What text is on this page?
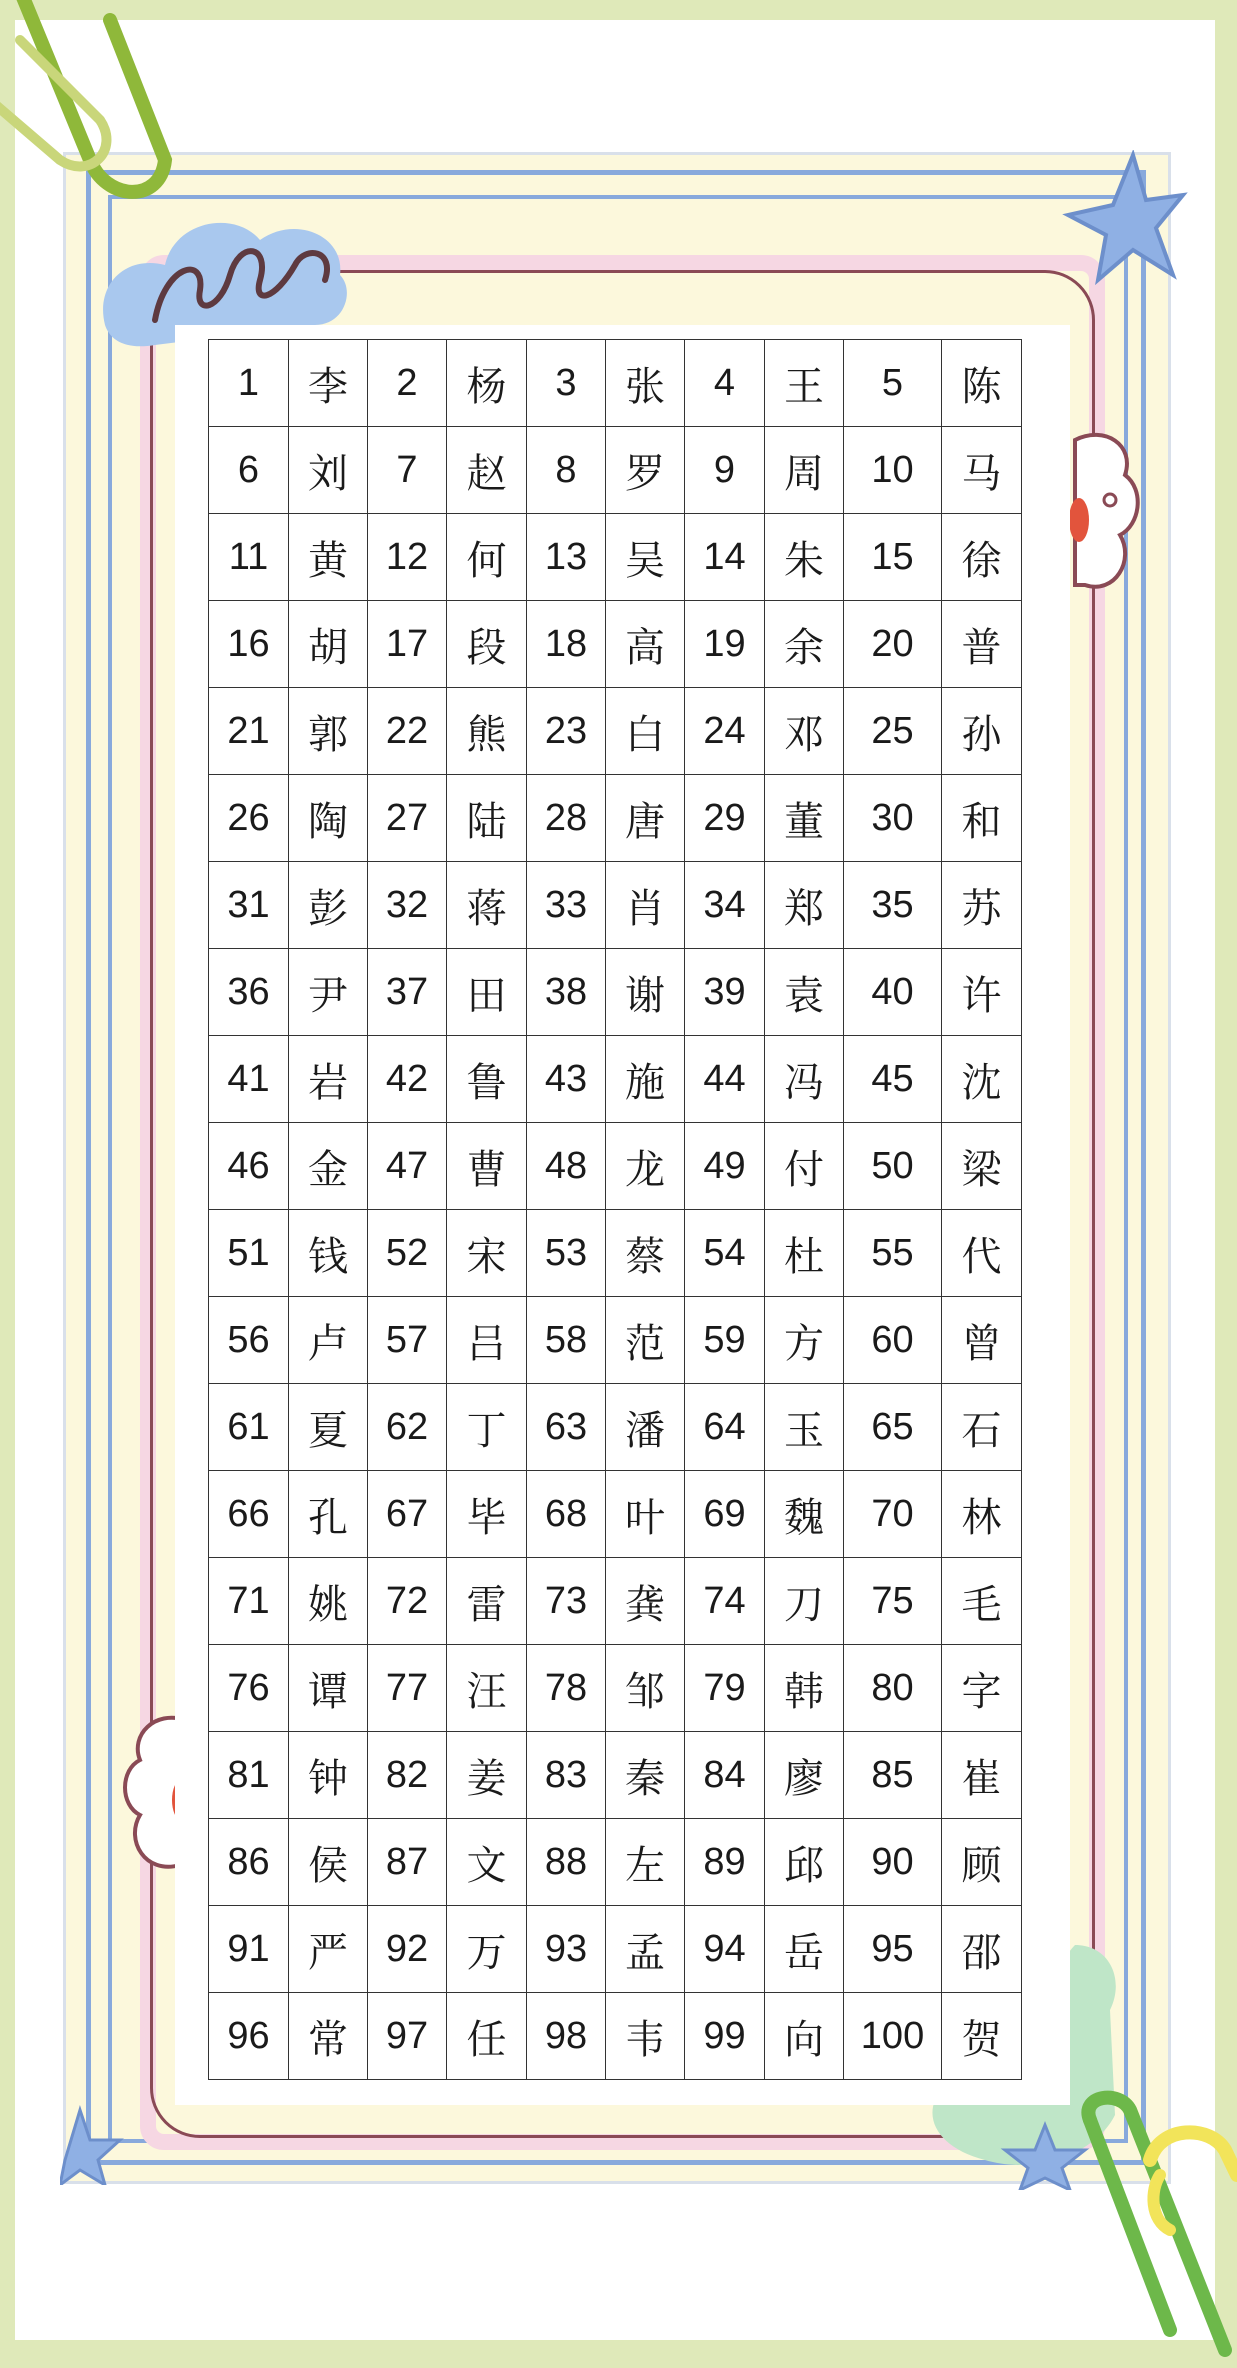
1	李	2	杨	3	张	4	王	5	陈
6	刘	7	赵	8	罗	9	周	10	马
11	黄	12	何	13	吴	14	朱	15	徐
16	胡	17	段	18	高	19	余	20	普
21	郭	22	熊	23	白	24	邓	25	孙
26	陶	27	陆	28	唐	29	董	30	和
31	彭	32	蒋	33	肖	34	郑	35	苏
36	尹	37	田	38	谢	39	袁	40	许
41	岩	42	鲁	43	施	44	冯	45	沈
46	金	47	曹	48	龙	49	付	50	梁
51	钱	52	宋	53	蔡	54	杜	55	代
56	卢	57	吕	58	范	59	方	60	曾
61	夏	62	丁	63	潘	64	玉	65	石
66	孔	67	毕	68	叶	69	魏	70	林
71	姚	72	雷	73	龚	74	刀	75	毛
76	谭	77	汪	78	邹	79	韩	80	字
81	钟	82	姜	83	秦	84	廖	85	崔
86	侯	87	文	88	左	89	邱	90	顾
91	严	92	万	93	孟	94	岳	95	邵
96	常	97	任	98	韦	99	向	100	贺
